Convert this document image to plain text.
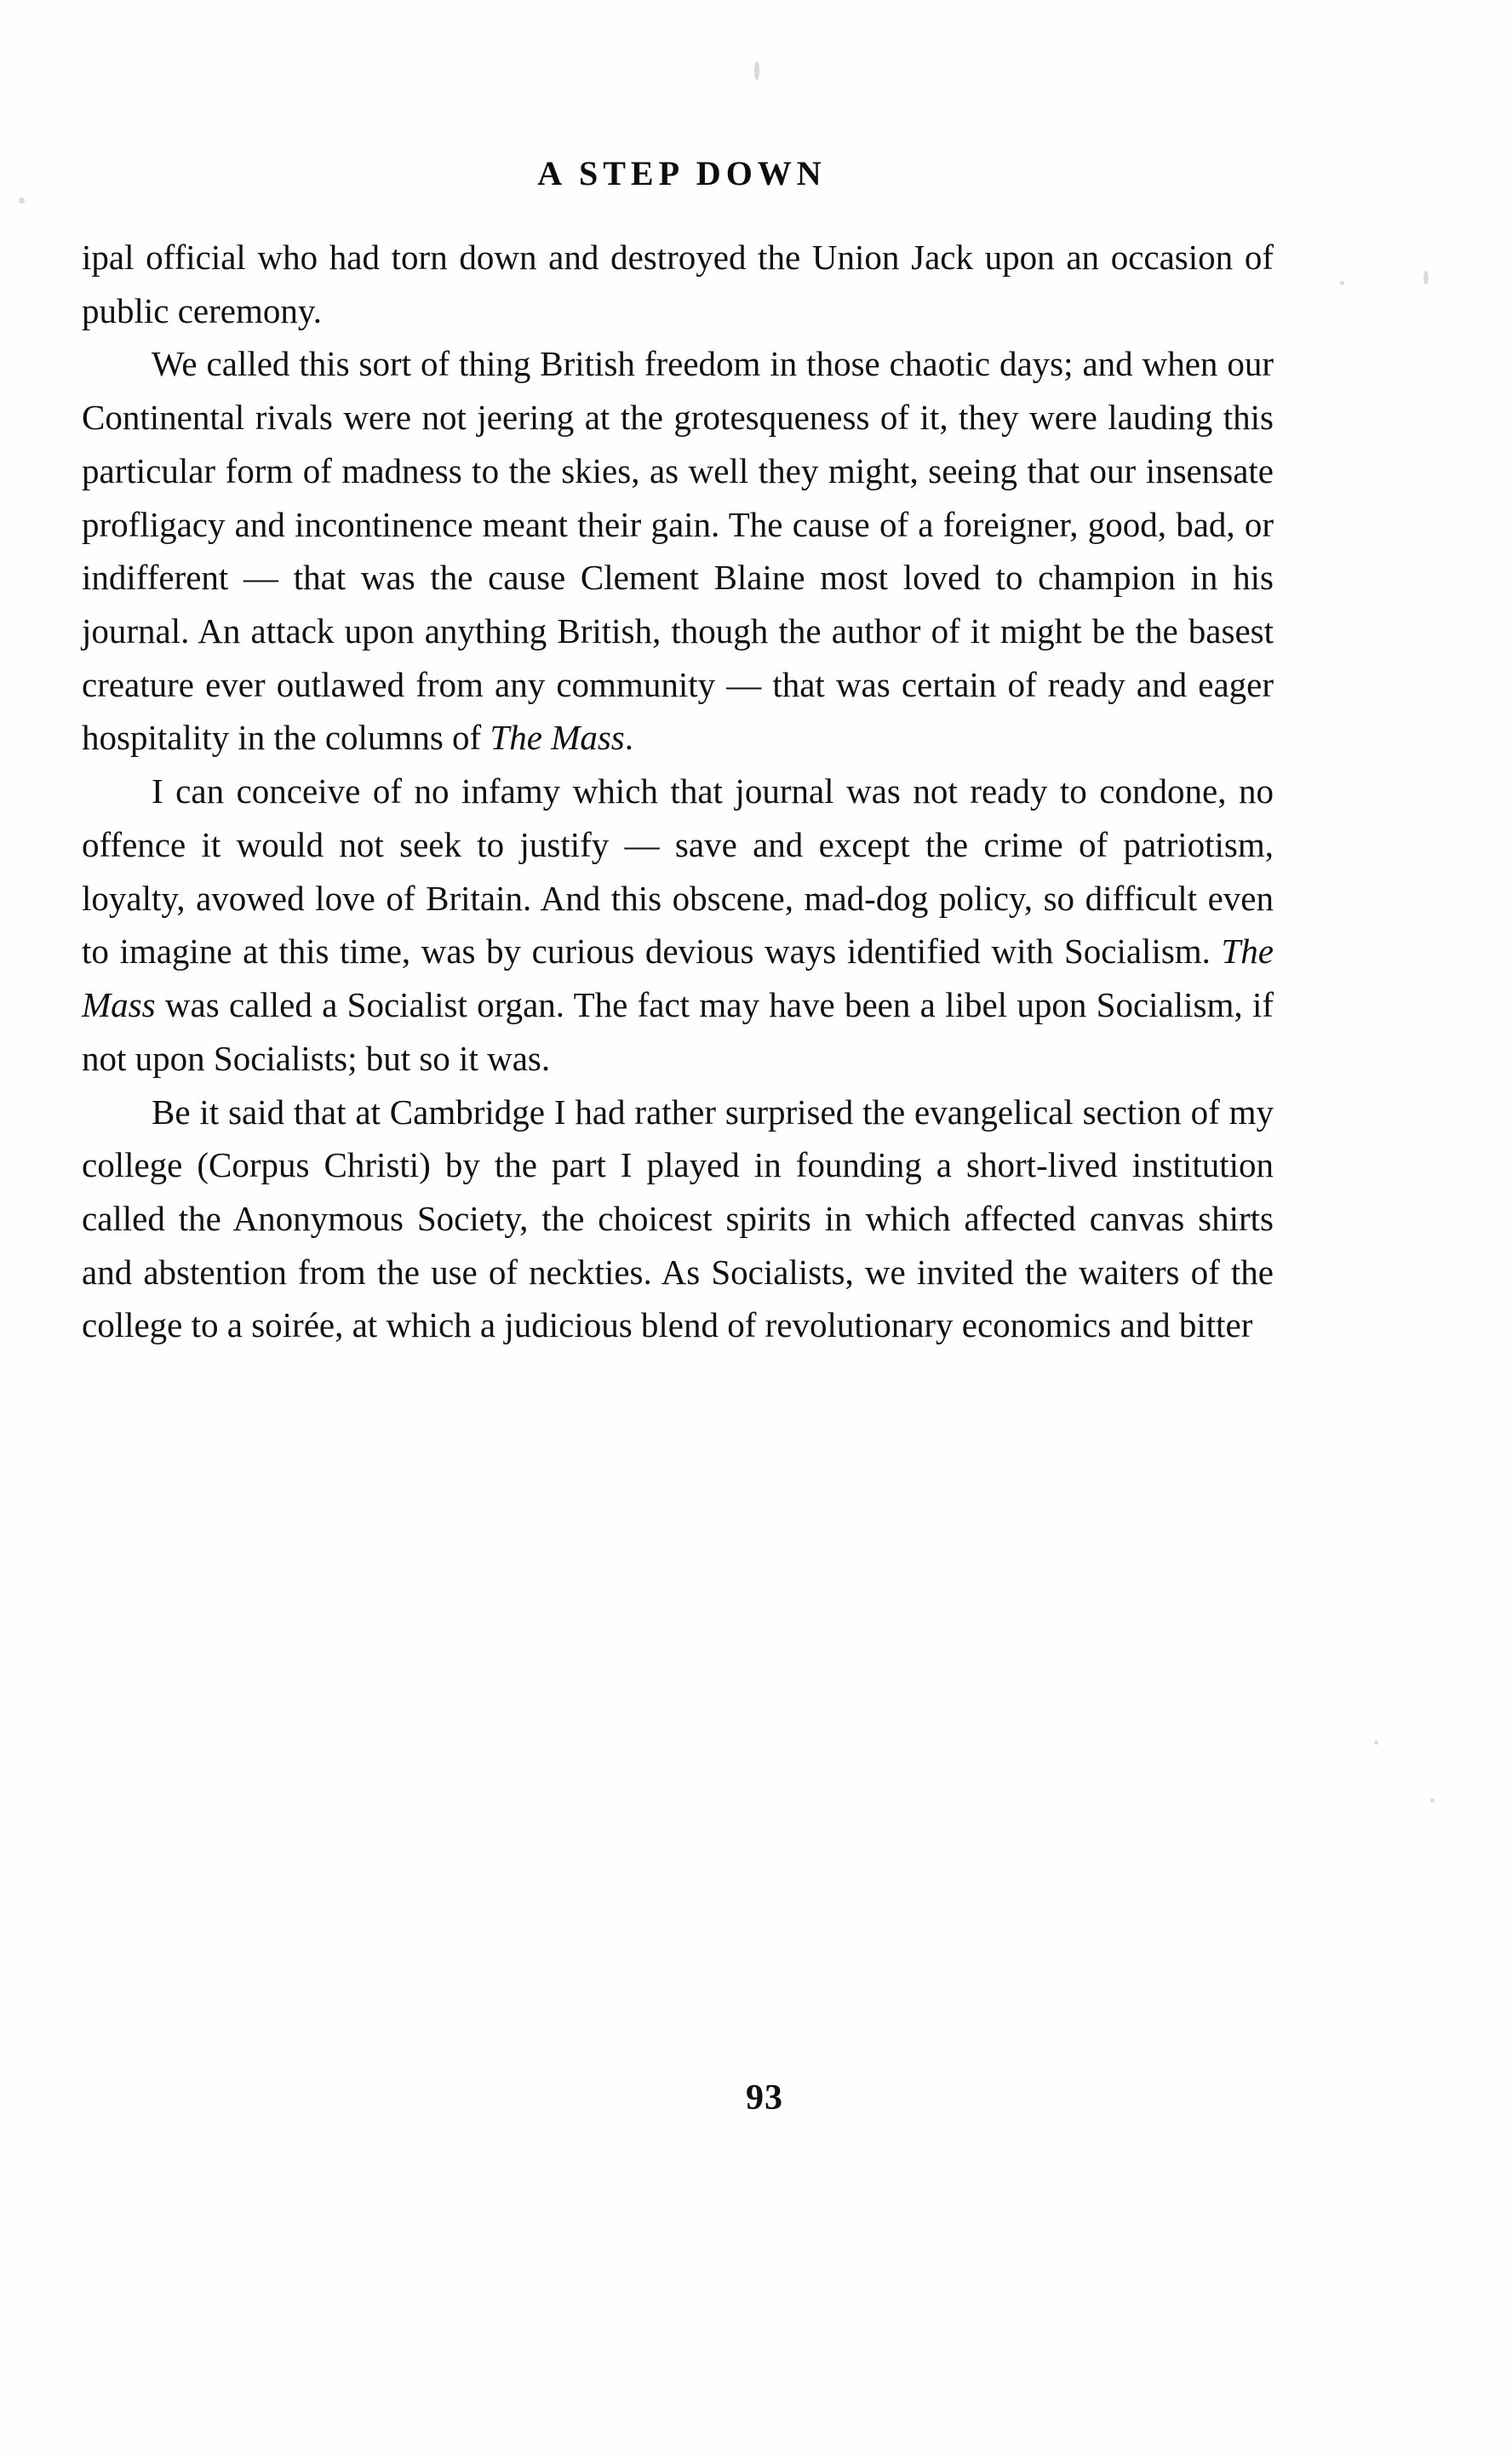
A STEP DOWN

ipal official who had torn down and destroyed the Union Jack upon an occasion of public ceremony.

We called this sort of thing British freedom in those chaotic days; and when our Continental rivals were not jeering at the grotesqueness of it, they were lauding this particular form of madness to the skies, as well they might, seeing that our insensate profligacy and incontinence meant their gain. The cause of a foreigner, good, bad, or indifferent — that was the cause Clement Blaine most loved to champion in his journal. An attack upon anything British, though the author of it might be the basest creature ever outlawed from any community — that was certain of ready and eager hospitality in the columns of The Mass.

I can conceive of no infamy which that journal was not ready to condone, no offence it would not seek to justify — save and except the crime of patriotism, loyalty, avowed love of Britain. And this obscene, mad-dog policy, so difficult even to imagine at this time, was by curious devious ways identified with Socialism. The Mass was called a Socialist organ. The fact may have been a libel upon Socialism, if not upon Socialists; but so it was.

Be it said that at Cambridge I had rather surprised the evangelical section of my college (Corpus Christi) by the part I played in founding a short-lived institution called the Anonymous Society, the choicest spirits in which affected canvas shirts and abstention from the use of neckties. As Socialists, we invited the waiters of the college to a soirée, at which a judicious blend of revolutionary economics and bitter

93
